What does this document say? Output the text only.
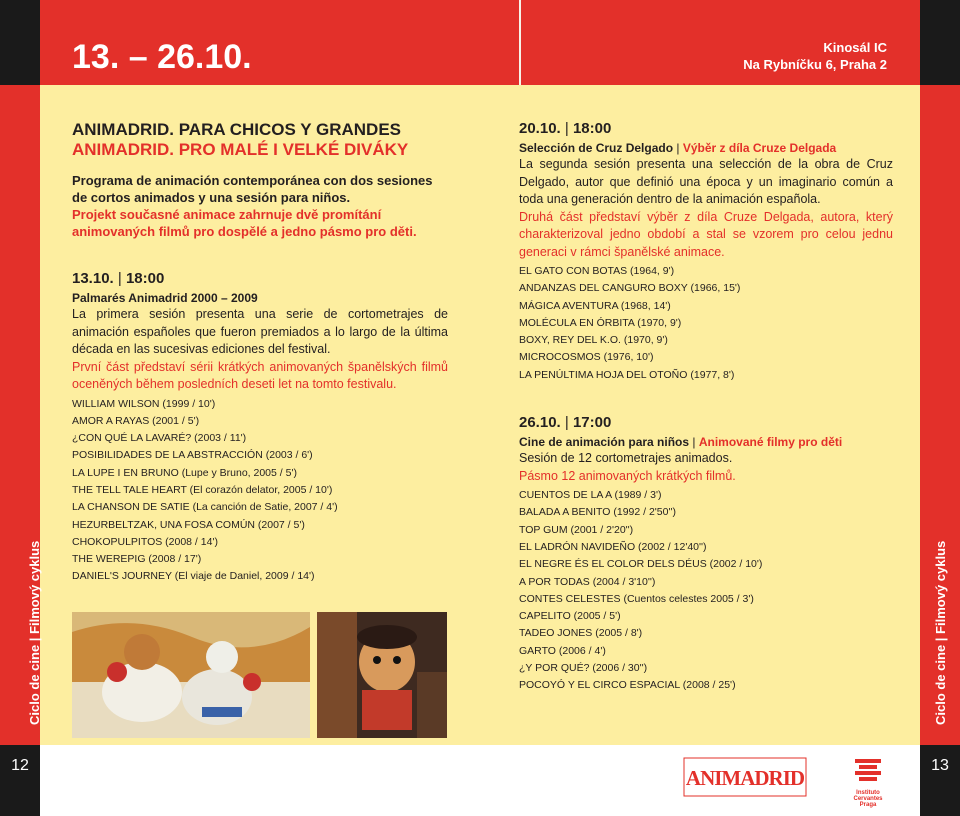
Ciclo de cine | Filmový cyklus
12
Ciclo de cine | Filmový cyklus
13
13. – 26.10.	Kinosál IC
Na Rybníčku 6, Praha 2
ANIMADRID. PARA CHICOS Y GRANDES
ANIMADRID. PRO MALÉ I VELKÉ DIVÁKY
Programa de animación contemporánea con dos sesiones de cortos animados y una sesión para niños.
Projekt současné animace zahrnuje dvě promítání animovaných filmů pro dospělé a jedno pásmo pro děti.
13.10. | 18:00
Palmarés Animadrid 2000 – 2009
La primera sesión presenta una serie de cortometrajes de animación españoles que fueron premiados a lo largo de la última década en las sucesivas ediciones del festival.
První část představí sérii krátkých animovaných španělských filmů oceněných během posledních deseti let na tomto festivalu.
WILLIAM WILSON (1999 / 10')
AMOR A RAYAS (2001 / 5')
¿CON QUÉ LA LAVARÉ? (2003 / 11')
POSIBILIDADES DE LA ABSTRACCIÓN (2003 / 6')
LA LUPE I EN BRUNO (Lupe y Bruno, 2005 / 5')
THE TELL TALE HEART (El corazón delator, 2005 / 10')
LA CHANSON DE SATIE (La canción de Satie, 2007 / 4')
HEZURBELTZAK, UNA FOSA COMÚN (2007 / 5')
CHOKOPULPITOS (2008 / 14')
THE WEREPIG (2008 / 17')
DANIEL'S JOURNEY (El viaje de Daniel, 2009 / 14')
20.10. | 18:00
Selección de Cruz Delgado | Výběr z díla Cruze Delgada
La segunda sesión presenta una selección de la obra de Cruz Delgado, autor que definió una época y un imaginario común a toda una generación dentro de la animación española.
Druhá část představí výběr z díla Cruze Delgada, autora, který charakterizoval jedno období a stal se vzorem pro celou jednu generaci v rámci španělské animace.
EL GATO CON BOTAS (1964, 9')
ANDANZAS DEL CANGURO BOXY (1966, 15')
MÁGICA AVENTURA (1968, 14')
MOLÉCULA EN ÓRBITA (1970, 9')
BOXY, REY DEL K.O. (1970, 9')
MICROCOSMOS (1976, 10')
LA PENÚLTIMA HOJA DEL OTOÑO (1977, 8')
26.10. | 17:00
Cine de animación para niños | Animované filmy pro děti
Sesión de 12 cortometrajes animados.
Pásmo 12 animovaných krátkých filmů.
CUENTOS DE LA A (1989 / 3')
BALADA A BENITO (1992 / 2'50'')
TOP GUM (2001 / 2'20'')
EL LADRÓN NAVIDEÑO (2002 / 12'40'')
EL NEGRE ÉS EL COLOR DELS DÉUS (2002 / 10')
A POR TODAS (2004 / 3'10'')
CONTES CELESTES (Cuentos celestes 2005 / 3')
CAPELITO (2005 / 5')
TADEO JONES (2005 / 8')
GARTO (2006 / 4')
¿Y POR QUÉ? (2006 / 30'')
POCOYÓ Y EL CIRCO ESPACIAL (2008 / 25')
ANIMADRID
Instituto
Cervantes
Praga
